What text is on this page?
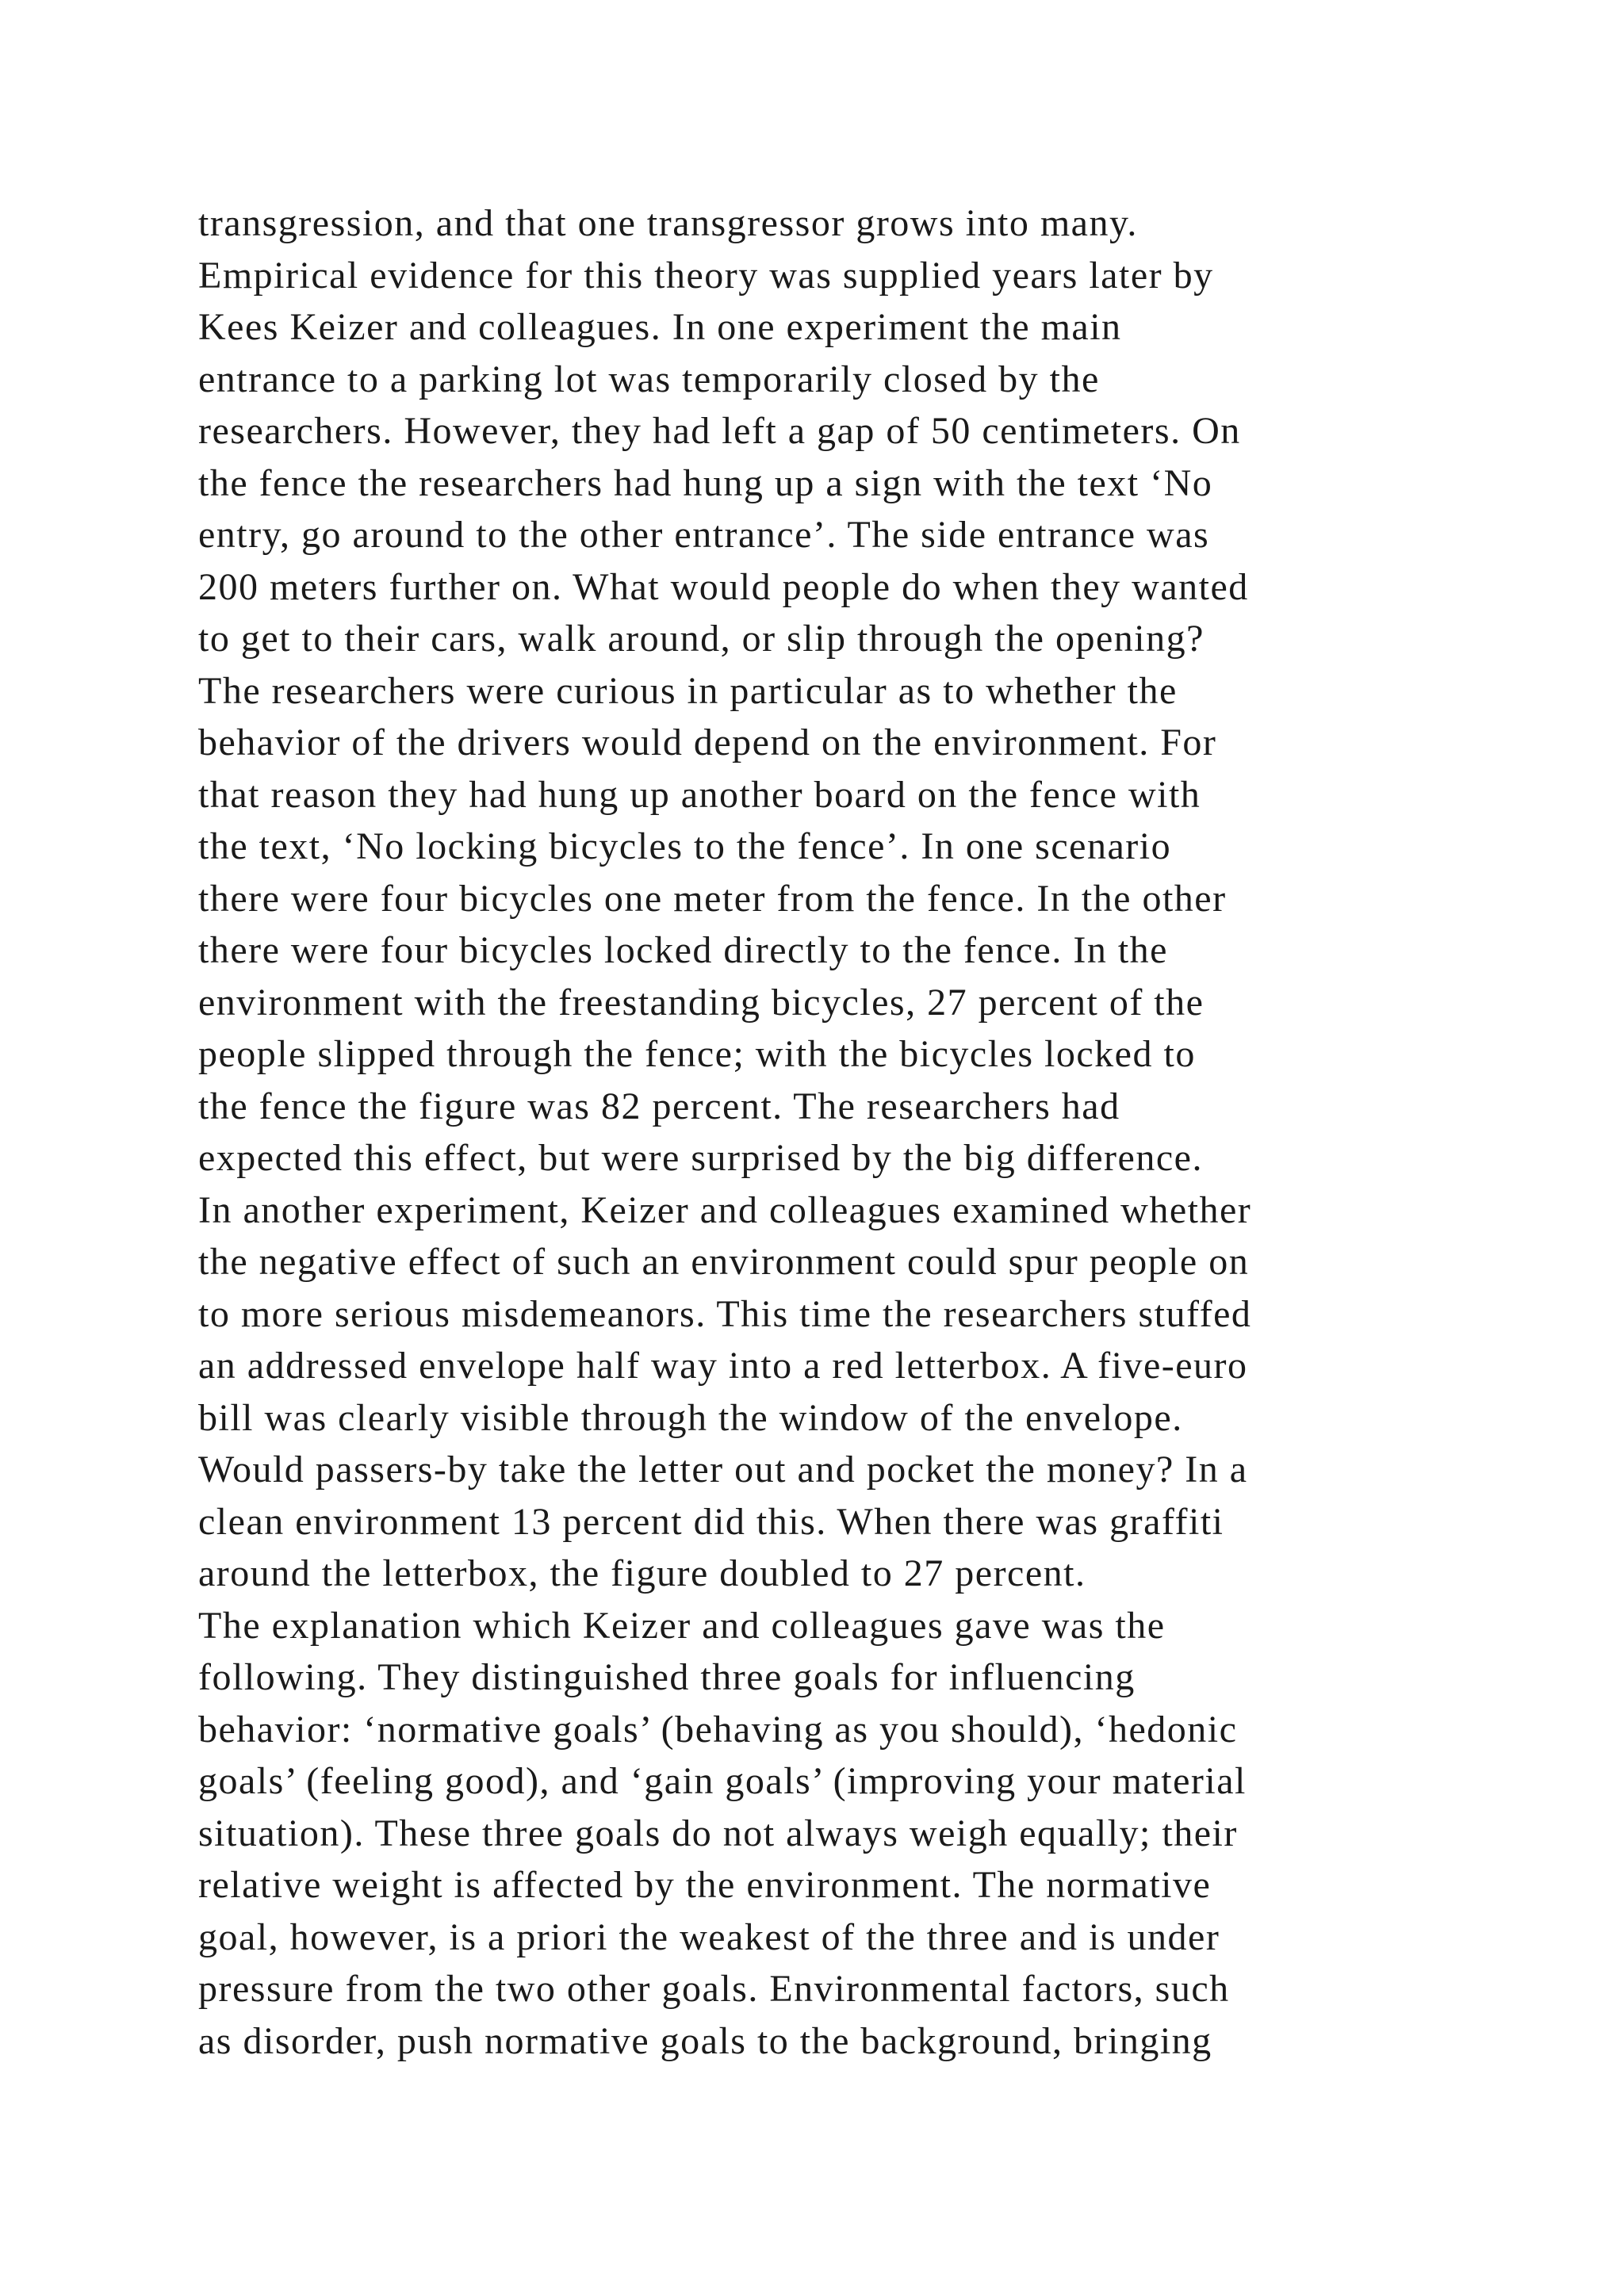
transgression, and that one transgressor grows into many.
Empirical evidence for this theory was supplied years later by
Kees Keizer and colleagues. In one experiment the main
entrance to a parking lot was temporarily closed by the
researchers. However, they had left a gap of 50 centimeters. On
the fence the researchers had hung up a sign with the text ‘No
entry, go around to the other entrance’. The side entrance was
200 meters further on. What would people do when they wanted
to get to their cars, walk around, or slip through the opening?
The researchers were curious in particular as to whether the
behavior of the drivers would depend on the environment. For
that reason they had hung up another board on the fence with
the text, ‘No locking bicycles to the fence’. In one scenario
there were four bicycles one meter from the fence. In the other
there were four bicycles locked directly to the fence. In the
environment with the freestanding bicycles, 27 percent of the
people slipped through the fence; with the bicycles locked to
the fence the figure was 82 percent. The researchers had
expected this effect, but were surprised by the big difference.
In another experiment, Keizer and colleagues examined whether
the negative effect of such an environment could spur people on
to more serious misdemeanors. This time the researchers stuffed
an addressed envelope half way into a red letterbox. A five-euro
bill was clearly visible through the window of the envelope.
Would passers-by take the letter out and pocket the money? In a
clean environment 13 percent did this. When there was graffiti
around the letterbox, the figure doubled to 27 percent.
The explanation which Keizer and colleagues gave was the
following. They distinguished three goals for influencing
behavior: ‘normative goals’ (behaving as you should), ‘hedonic
goals’ (feeling good), and ‘gain goals’ (improving your material
situation). These three goals do not always weigh equally; their
relative weight is affected by the environment. The normative
goal, however, is a priori the weakest of the three and is under
pressure from the two other goals. Environmental factors, such
as disorder, push normative goals to the background, bringing
